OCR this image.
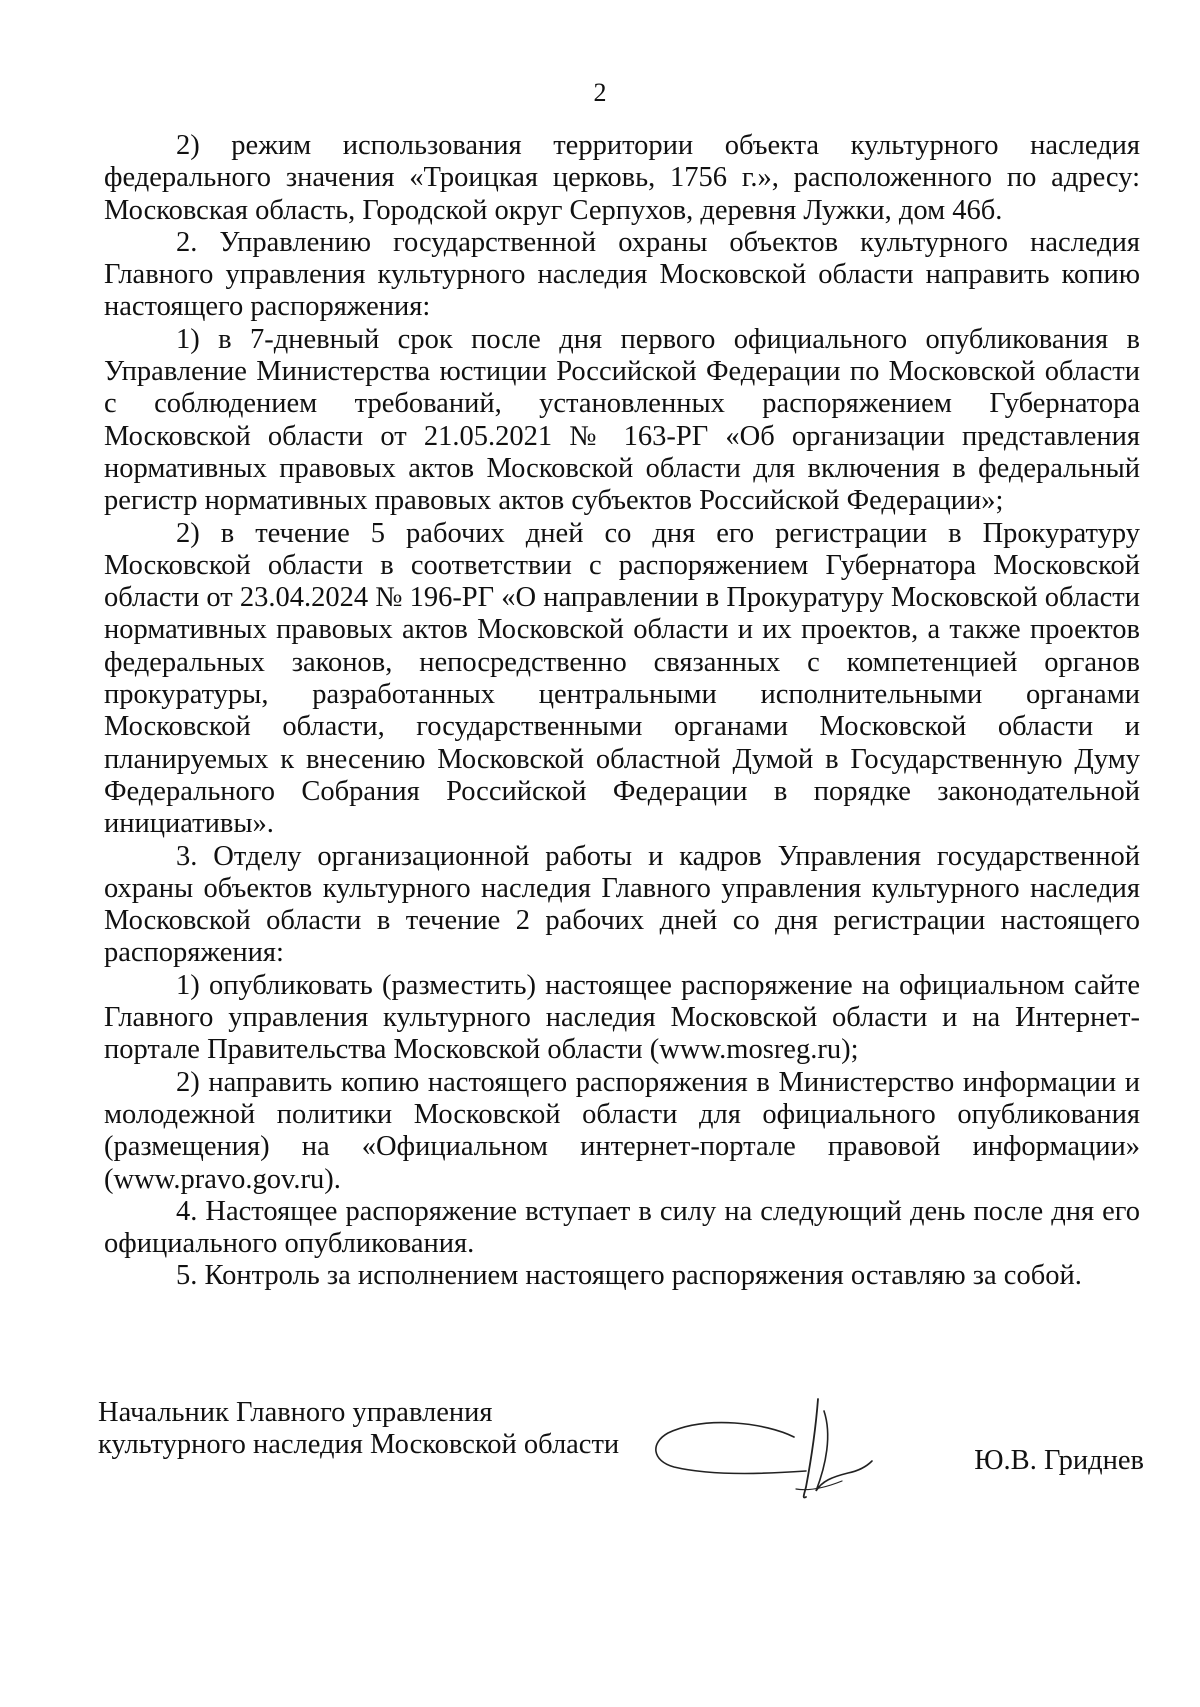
2

2) режим использования территории объекта культурного наследия федерального значения «Троицкая церковь, 1756 г.», расположенного по адресу: Московская область, Городской округ Серпухов, деревня Лужки, дом 46б.

2. Управлению государственной охраны объектов культурного наследия Главного управления культурного наследия Московской области направить копию настоящего распоряжения:

1) в 7-дневный срок после дня первого официального опубликования в Управление Министерства юстиции Российской Федерации по Московской области с соблюдением требований, установленных распоряжением Губернатора Московской области от 21.05.2021 № 163-РГ «Об организации представления нормативных правовых актов Московской области для включения в федеральный регистр нормативных правовых актов субъектов Российской Федерации»;

2) в течение 5 рабочих дней со дня его регистрации в Прокуратуру Московской области в соответствии с распоряжением Губернатора Московской области от 23.04.2024 № 196-РГ «О направлении в Прокуратуру Московской области нормативных правовых актов Московской области и их проектов, а также проектов федеральных законов, непосредственно связанных с компетенцией органов прокуратуры, разработанных центральными исполнительными органами Московской области, государственными органами Московской области и планируемых к внесению Московской областной Думой в Государственную Думу Федерального Собрания Российской Федерации в порядке законодательной инициативы».

3. Отделу организационной работы и кадров Управления государственной охраны объектов культурного наследия Главного управления культурного наследия Московской области в течение 2 рабочих дней со дня регистрации настоящего распоряжения:

1) опубликовать (разместить) настоящее распоряжение на официальном сайте Главного управления культурного наследия Московской области и на Интернет-портале Правительства Московской области (www.mosreg.ru);

2) направить копию настоящего распоряжения в Министерство информации и молодежной политики Московской области для официального опубликования (размещения) на «Официальном интернет-портале правовой информации» (www.pravo.gov.ru).

4. Настоящее распоряжение вступает в силу на следующий день после дня его официального опубликования.

5. Контроль за исполнением настоящего распоряжения оставляю за собой.

Начальник Главного управления
культурного наследия Московской области
Ю.В. Гриднев
